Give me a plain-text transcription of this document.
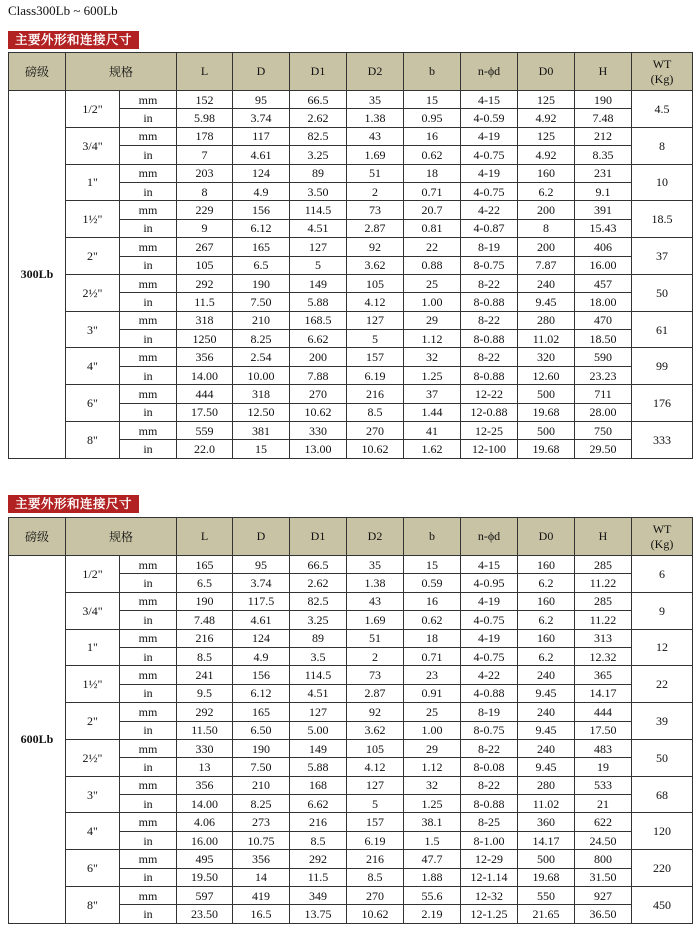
Class300Lb ~ 600Lb
主要外形和连接尺寸
磅级	规格		L	D	D1	D2	b	n-ϕd	D0	H	WT
(Kg)
300Lb	1/2"	mm	152	95	66.5	35	15	4-15	125	190	4.5
		in	5.98	3.74	2.62	1.38	0.95	4-0.59	4.92	7.48	
	3/4"	mm	178	117	82.5	43	16	4-19	125	212	8
		in	7	4.61	3.25	1.69	0.62	4-0.75	4.92	8.35	
	1"	mm	203	124	89	51	18	4-19	160	231	10
		in	8	4.9	3.50	2	0.71	4-0.75	6.2	9.1	
	1½"	mm	229	156	114.5	73	20.7	4-22	200	391	18.5
		in	9	6.12	4.51	2.87	0.81	4-0.87	8	15.43	
	2"	mm	267	165	127	92	22	8-19	200	406	37
		in	105	6.5	5	3.62	0.88	8-0.75	7.87	16.00	
	2½"	mm	292	190	149	105	25	8-22	240	457	50
		in	11.5	7.50	5.88	4.12	1.00	8-0.88	9.45	18.00	
	3"	mm	318	210	168.5	127	29	8-22	280	470	61
		in	1250	8.25	6.62	5	1.12	8-0.88	11.02	18.50	
	4"	mm	356	2.54	200	157	32	8-22	320	590	99
		in	14.00	10.00	7.88	6.19	1.25	8-0.88	12.60	23.23	
	6"	mm	444	318	270	216	37	12-22	500	711	176
		in	17.50	12.50	10.62	8.5	1.44	12-0.88	19.68	28.00	
	8"	mm	559	381	330	270	41	12-25	500	750	333
		in	22.0	15	13.00	10.62	1.62	12-100	19.68	29.50	
主要外形和连接尺寸
磅级	规格		L	D	D1	D2	b	n-ϕd	D0	H	WT
(Kg)
600Lb	1/2"	mm	165	95	66.5	35	15	4-15	160	285	6
		in	6.5	3.74	2.62	1.38	0.59	4-0.95	6.2	11.22	
	3/4"	mm	190	117.5	82.5	43	16	4-19	160	285	9
		in	7.48	4.61	3.25	1.69	0.62	4-0.75	6.2	11.22	
	1"	mm	216	124	89	51	18	4-19	160	313	12
		in	8.5	4.9	3.5	2	0.71	4-0.75	6.2	12.32	
	1½"	mm	241	156	114.5	73	23	4-22	240	365	22
		in	9.5	6.12	4.51	2.87	0.91	4-0.88	9.45	14.17	
	2"	mm	292	165	127	92	25	8-19	240	444	39
		in	11.50	6.50	5.00	3.62	1.00	8-0.75	9.45	17.50	
	2½"	mm	330	190	149	105	29	8-22	240	483	50
		in	13	7.50	5.88	4.12	1.12	8-0.08	9.45	19	
	3"	mm	356	210	168	127	32	8-22	280	533	68
		in	14.00	8.25	6.62	5	1.25	8-0.88	11.02	21	
	4"	mm	4.06	273	216	157	38.1	8-25	360	622	120
		in	16.00	10.75	8.5	6.19	1.5	8-1.00	14.17	24.50	
	6"	mm	495	356	292	216	47.7	12-29	500	800	220
		in	19.50	14	11.5	8.5	1.88	12-1.14	19.68	31.50	
	8"	mm	597	419	349	270	55.6	12-32	550	927	450
		in	23.50	16.5	13.75	10.62	2.19	12-1.25	21.65	36.50	
